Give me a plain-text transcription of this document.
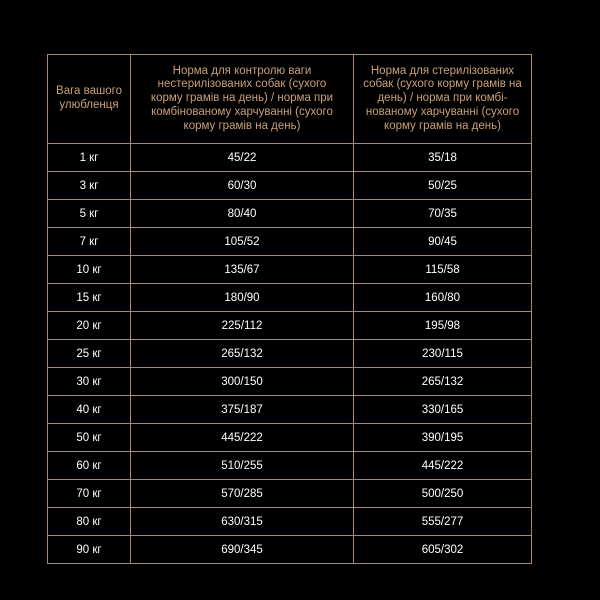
Вага вашого улюбленця	Норма для контролю ваги нестерилізованих собак (сухого корму грамів на день) / норма при комбінованому харчуванні (сухого корму грамів на день)	Норма для стерилізованих собак (сухого корму грамів на день) / норма при комбі- нованому харчуванні (сухого корму грамів на день)

1 кг	45/22	35/18
3 кг	60/30	50/25
5 кг	80/40	70/35
7 кг	105/52	90/45
10 кг	135/67	115/58
15 кг	180/90	160/80
20 кг	225/112	195/98
25 кг	265/132	230/115
30 кг	300/150	265/132
40 кг	375/187	330/165
50 кг	445/222	390/195
60 кг	510/255	445/222
70 кг	570/285	500/250
80 кг	630/315	555/277
90 кг	690/345	605/302
